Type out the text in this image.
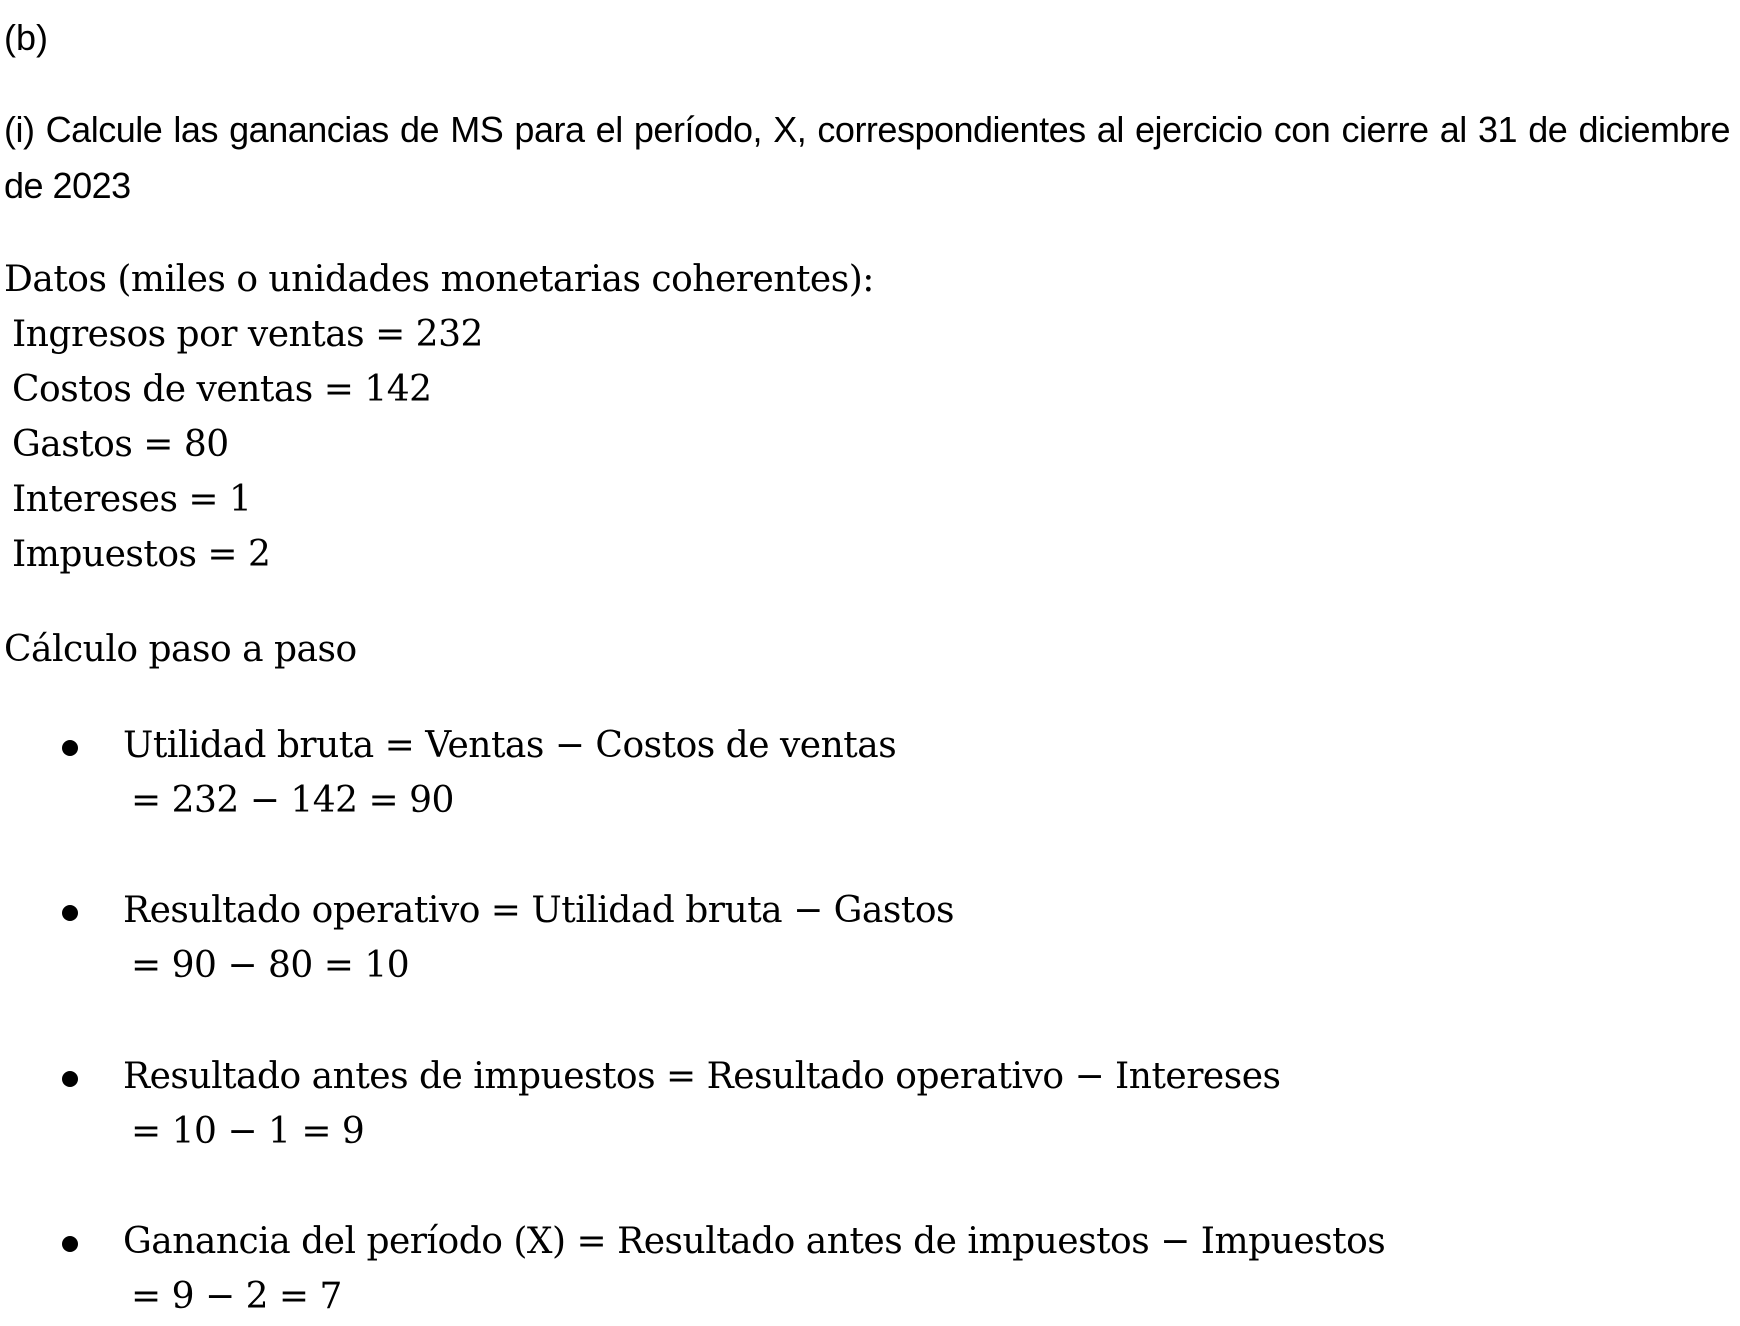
(b)
(i) Calcule las ganancias de MS para el período, X, correspondientes al ejercicio con cierre al 31 de diciembre de 2023
Datos (miles o unidades monetarias coherentes):
Ingresos por ventas = 232
Costos de ventas = 142
Gastos = 80
Intereses = 1
Impuestos = 2
Cálculo paso a paso
Utilidad bruta = Ventas − Costos de ventas
= 232 − 142 = 90
Resultado operativo = Utilidad bruta − Gastos
= 90 − 80 = 10
Resultado antes de impuestos = Resultado operativo − Intereses
= 10 − 1 = 9
Ganancia del período (X) = Resultado antes de impuestos − Impuestos
= 9 − 2 = 7
